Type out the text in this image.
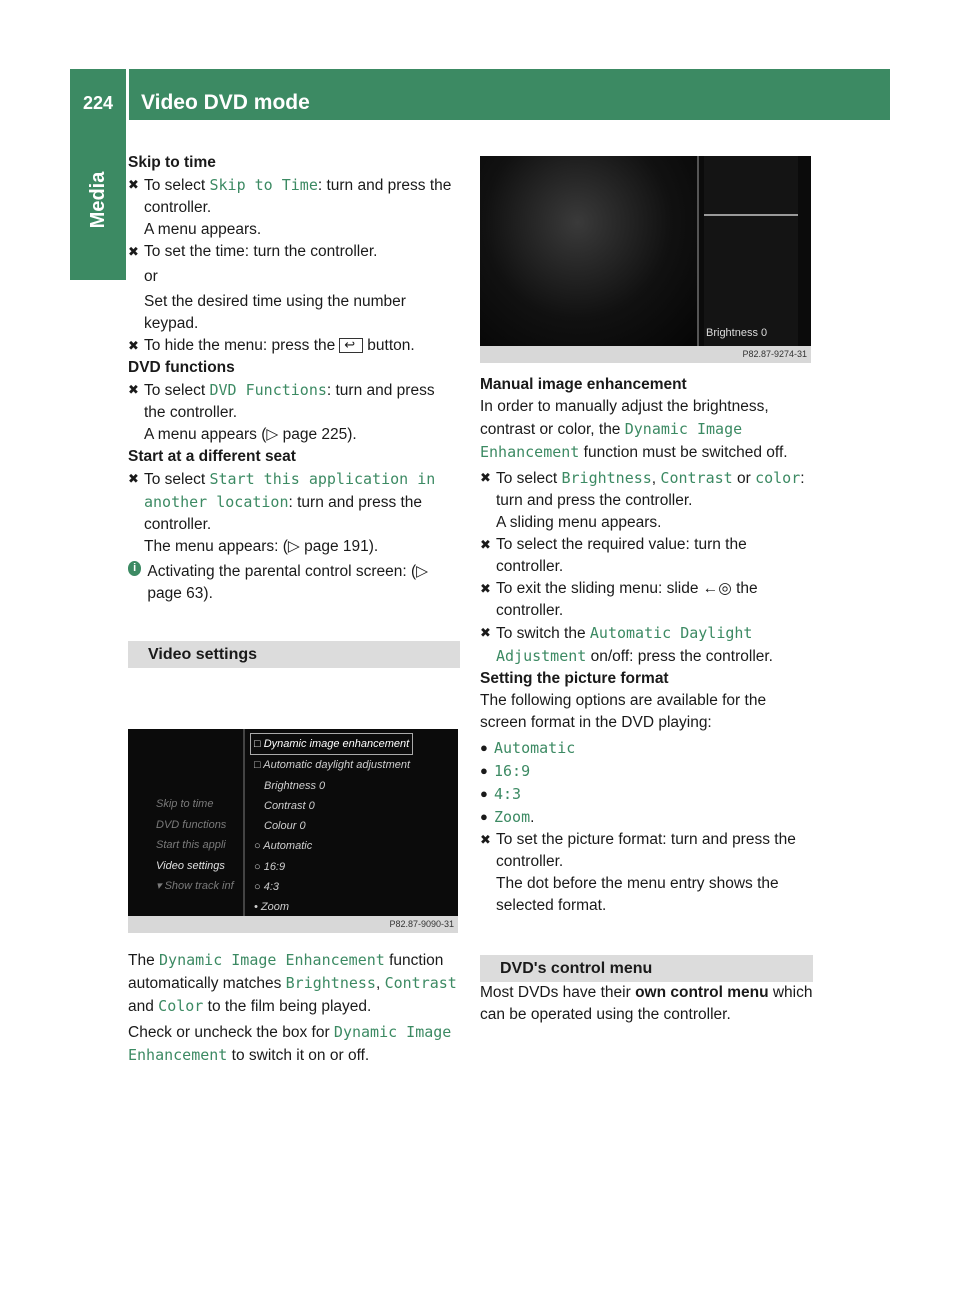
224	Video DVD mode
Media
Skip to time
✖ To select Skip to Time: turn and press the controller.
A menu appears.
✖ To set the time: turn the controller.
or
Set the desired time using the number keypad.
✖ To hide the menu: press the↩ button.
DVD functions
✖ To select DVD Functions: turn and press the controller.
A menu appears (▷ page 225).
Start at a different seat
✖ To select Start this application in another location: turn and press the controller.
The menu appears: (▷ page 191).
i Activating the parental control screen: (▷ page 63).
Video settings
Skip to time
DVD functions
Start this appli
Video settings
▾ Show track inf
□ Dynamic image enhancement
□ Automatic daylight adjustment
Brightness 0
Contrast 0
Colour 0
○ Automatic
○ 16:9
○ 4:3
• Zoom
P82.87-9090-31

The Dynamic Image Enhancement function automatically matches Brightness, Contrast and Color to the film being played.

Check or uncheck the box for Dynamic Image Enhancement to switch it on or off.

Brightness 0
P82.87-9274-31
Manual image enhancement

In order to manually adjust the brightness, contrast or color, the Dynamic Image Enhancement function must be switched off.

✖ To select Brightness, Contrast or color: turn and press the controller.
A sliding menu appears.
✖ To select the required value: turn the controller.
✖ To exit the sliding menu: slide ←◎ the controller.
✖ To switch the Automatic Daylight Adjustment on/off: press the controller.
Setting the picture format

The following options are available for the screen format in the DVD playing:

● Automatic
● 16:9
● 4:3
● Zoom.
✖ To set the picture format: turn and press the controller.
The dot before the menu entry shows the selected format.
DVD's control menu

Most DVDs have their own control menu which can be operated using the controller.
